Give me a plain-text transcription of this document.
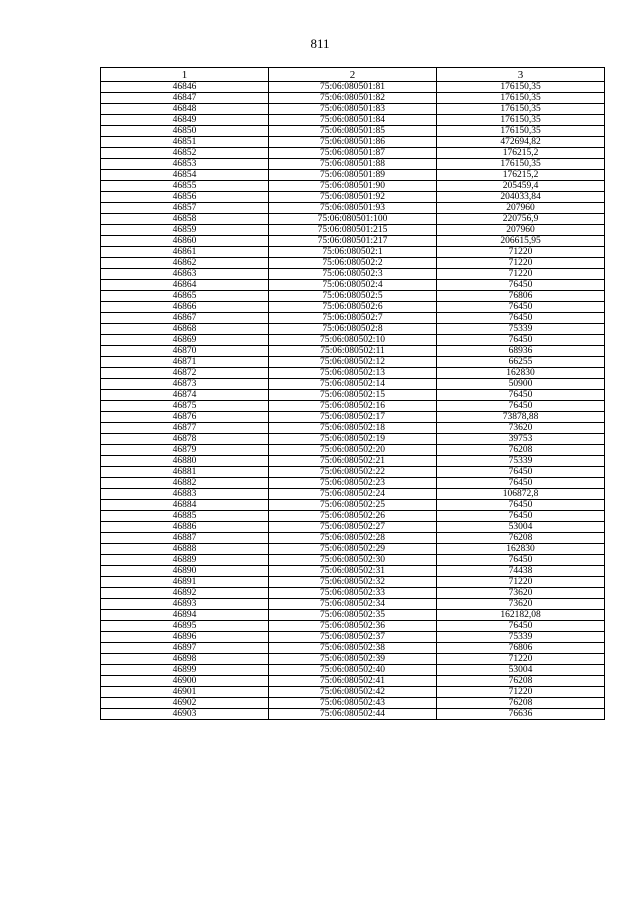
811
1	2	3
46846	75:06:080501:81	176150,35
46847	75:06:080501:82	176150,35
46848	75:06:080501:83	176150,35
46849	75:06:080501:84	176150,35
46850	75:06:080501:85	176150,35
46851	75:06:080501:86	472694,82
46852	75:06:080501:87	176215,2
46853	75:06:080501:88	176150,35
46854	75:06:080501:89	176215,2
46855	75:06:080501:90	205459,4
46856	75:06:080501:92	204033,84
46857	75:06:080501:93	207960
46858	75:06:080501:100	220756,9
46859	75:06:080501:215	207960
46860	75:06:080501:217	206615,95
46861	75:06:080502:1	71220
46862	75:06:080502:2	71220
46863	75:06:080502:3	71220
46864	75:06:080502:4	76450
46865	75:06:080502:5	76806
46866	75:06:080502:6	76450
46867	75:06:080502:7	76450
46868	75:06:080502:8	75339
46869	75:06:080502:10	76450
46870	75:06:080502:11	68936
46871	75:06:080502:12	66255
46872	75:06:080502:13	162830
46873	75:06:080502:14	50900
46874	75:06:080502:15	76450
46875	75:06:080502:16	76450
46876	75:06:080502:17	73878,88
46877	75:06:080502:18	73620
46878	75:06:080502:19	39753
46879	75:06:080502:20	76208
46880	75:06:080502:21	75339
46881	75:06:080502:22	76450
46882	75:06:080502:23	76450
46883	75:06:080502:24	106872,8
46884	75:06:080502:25	76450
46885	75:06:080502:26	76450
46886	75:06:080502:27	53004
46887	75:06:080502:28	76208
46888	75:06:080502:29	162830
46889	75:06:080502:30	76450
46890	75:06:080502:31	74438
46891	75:06:080502:32	71220
46892	75:06:080502:33	73620
46893	75:06:080502:34	73620
46894	75:06:080502:35	162182,08
46895	75:06:080502:36	76450
46896	75:06:080502:37	75339
46897	75:06:080502:38	76806
46898	75:06:080502:39	71220
46899	75:06:080502:40	53004
46900	75:06:080502:41	76208
46901	75:06:080502:42	71220
46902	75:06:080502:43	76208
46903	75:06:080502:44	76636
